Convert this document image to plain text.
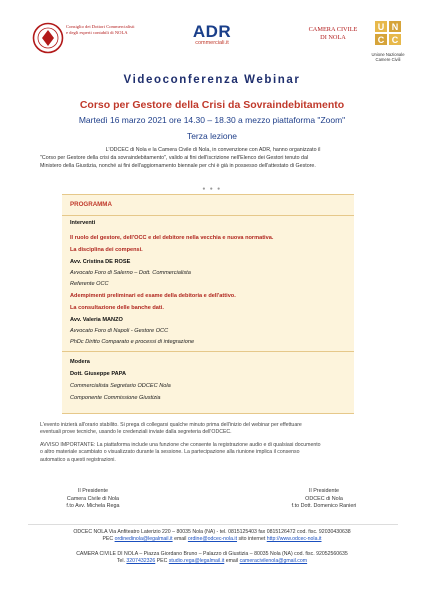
Consiglio dei Dottori Commercialisti
e degli esperti contabili di NOLA	ADR
commerciali.it
CAMERA CIVILE
DI NOLA
U N
C C
Unione Nazionale
Camere Civili
Videoconferenza Webinar
Corso per Gestore della Crisi da Sovraindebitamento
Martedì 16 marzo 2021 ore 14.30 – 18.30 a mezzo piattaforma "Zoom"
Terza lezione
L'ODCEC di Nola e la Camera Civile di Nola, in convenzione con ADR, hanno organizzato il
"Corso per Gestore della crisi da sovraindebitamento", valido ai fini dell'iscrizione nell'Elenco dei Gestori tenuto dal
Ministero della Giustizia, nonché ai fini dell'aggiornamento biennale per chi è già in possesso dell'attestato di Gestore.
● ● ●
PROGRAMMA
Interventi
Il ruolo del gestore, dell'OCC e del debitore nella vecchia e nuova normativa.
La disciplina dei compensi.
Avv. Cristina DE ROSE
Avvocato Foro di Salerno – Dott. Commercialista
Referente OCC
Adempimenti preliminari ed esame della debitoria e dell'attivo.
La consultazione delle banche dati.
Avv. Valeria MANZO
Avvocato Foro di Napoli - Gestore OCC
PhDc Diritto Comparato e processi di integrazione
Modera
Dott. Giuseppe PAPA
Commercialista Segretario ODCEC Nola
Componente Commissione Giustizia
L'evento inizierà all'orario stabilito. Si prega di collegarsi qualche minuto prima dell'inizio del webinar per effettuare
eventuali prove tecniche, usando le credenziali inviate dalla segreteria dell'ODCEC.
AVVISO IMPORTANTE: La piattaforma include una funzione che consente la registrazione audio e di qualsiasi documento
o altro materiale scambiato o visualizzato durante la sessione. La partecipazione alla riunione implica il consenso
automatico a questi registrazioni.
Il Presidente
Camera Civile di Nola
f.to Avv. Michela Rega
Il Presidente
ODCEC di Nola
f.to Dott. Domenico Ranieri
ODCEC NOLA Via Anfiteatro Laterizio 220 – 80035 Nola (NA) - tel. 0815125403 fax 0815126472 cod. fisc. 92030430638
PEC ordinedinola@legalmail.it email ordine@odcec-nola.it sito internet http://www.odcec-nola.it
CAMERA CIVILE DI NOLA – Piazza Giordano Bruno – Palazzo di Giustizia – 80035 Nola (NA) cod. fisc. 92052560635
Tel. 3207432326 PEC studio.rega@legalmail.it email cameracivilenola@gmail.com
